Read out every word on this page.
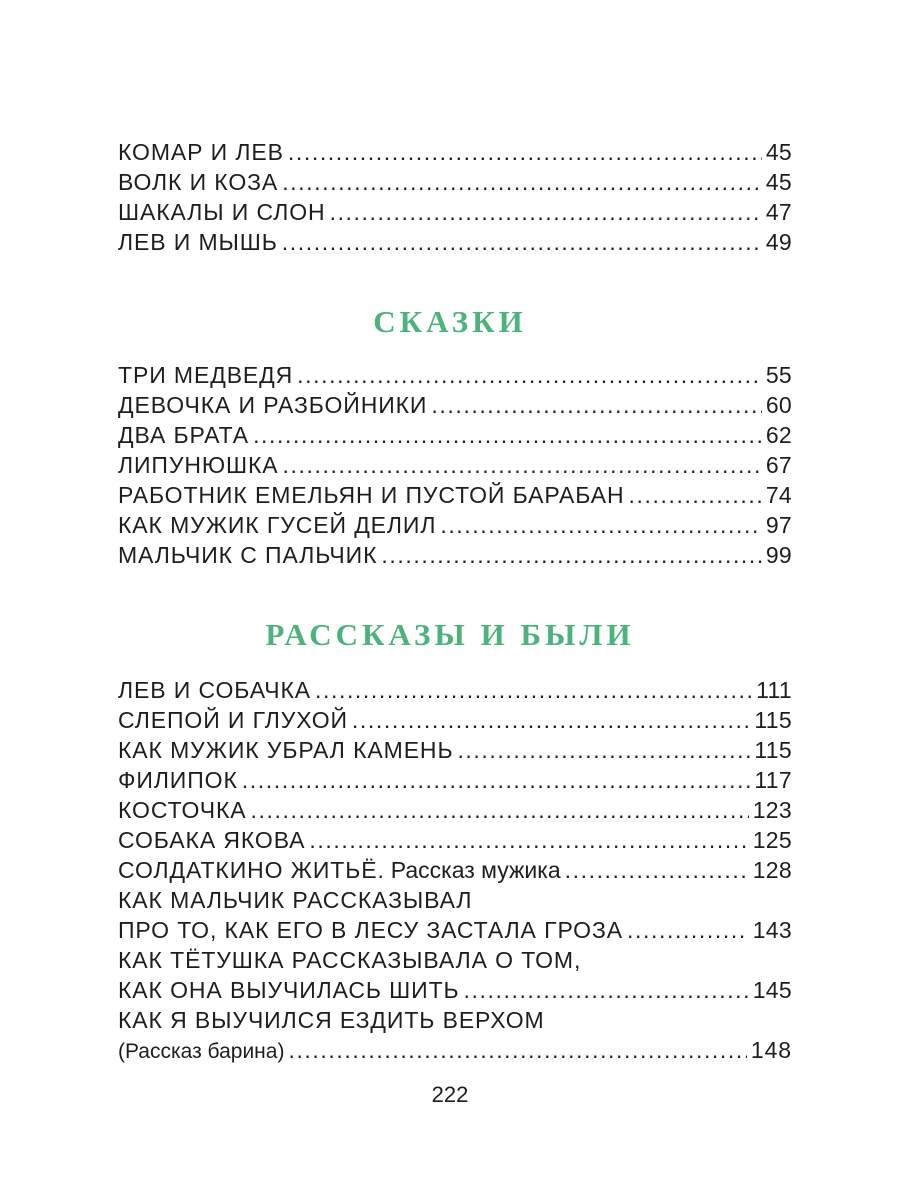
КОМАР И ЛЕВ .....	45
ВОЛК И КОЗА .....	45
ШАКАЛЫ И СЛОН .....	47
ЛЕВ И МЫШЬ .....	49
СКАЗКИ
ТРИ МЕДВЕДЯ .....	55
ДЕВОЧКА И РАЗБОЙНИКИ .....	60
ДВА БРАТА .....	62
ЛИПУНЮШКА .....	67
РАБОТНИК ЕМЕЛЬЯН И ПУСТОЙ БАРАБАН .....	74
КАК МУЖИК ГУСЕЙ ДЕЛИЛ .....	97
МАЛЬЧИК С ПАЛЬЧИК .....	99
РАССКАЗЫ И БЫЛИ
ЛЕВ И СОБАЧКА .....	111
СЛЕПОЙ И ГЛУХОЙ .....	115
КАК МУЖИК УБРАЛ КАМЕНЬ .....	115
ФИЛИПОК .....	117
КОСТОЧКА .....	123
СОБАКА ЯКОВА .....	125
СОЛДАТКИНО ЖИТЬЁ. Рассказ мужика .....	128
КАК МАЛЬЧИК РАССКАЗЫВАЛ
ПРО ТО, КАК ЕГО В ЛЕСУ ЗАСТАЛА ГРОЗА .....	143
КАК ТЁТУШКА РАССКАЗЫВАЛА О ТОМ,
КАК ОНА ВЫУЧИЛАСЬ ШИТЬ .....	145
КАК Я ВЫУЧИЛСЯ ЕЗДИТЬ ВЕРХОМ
(Рассказ барина) .....	148
222
